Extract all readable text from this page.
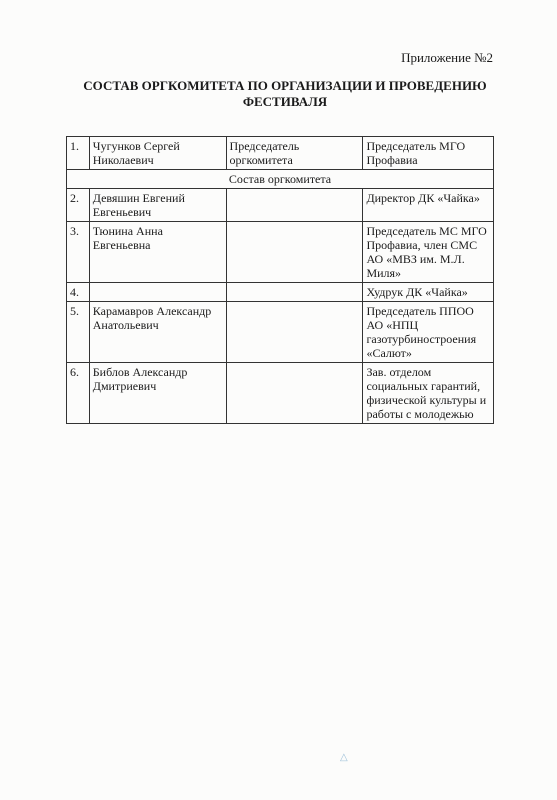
Приложение №2
СОСТАВ ОРГКОМИТЕТА ПО ОРГАНИЗАЦИИ И ПРОВЕДЕНИЮ
ФЕСТИВАЛЯ
1.	Чугунков Сергей Николаевич	Председатель оргкомитета	Председатель МГО Профавиа
Состав оргкомитета			
2.	Девяшин Евгений Евгеньевич		Директор ДК «Чайка»
3.	Тюнина Анна Евгеньевна		Председатель МС МГО Профавиа, член СМС АО «МВЗ им. М.Л. Миля»
4.			Худрук ДК «Чайка»
5.	Карамавров Александр Анатольевич		Председатель ППОО АО «НПЦ газотурбиностроения «Салют»
6.	Библов Александр Дмитриевич		Зав. отделом социальных гарантий, физической культуры и работы с молодежью
△
